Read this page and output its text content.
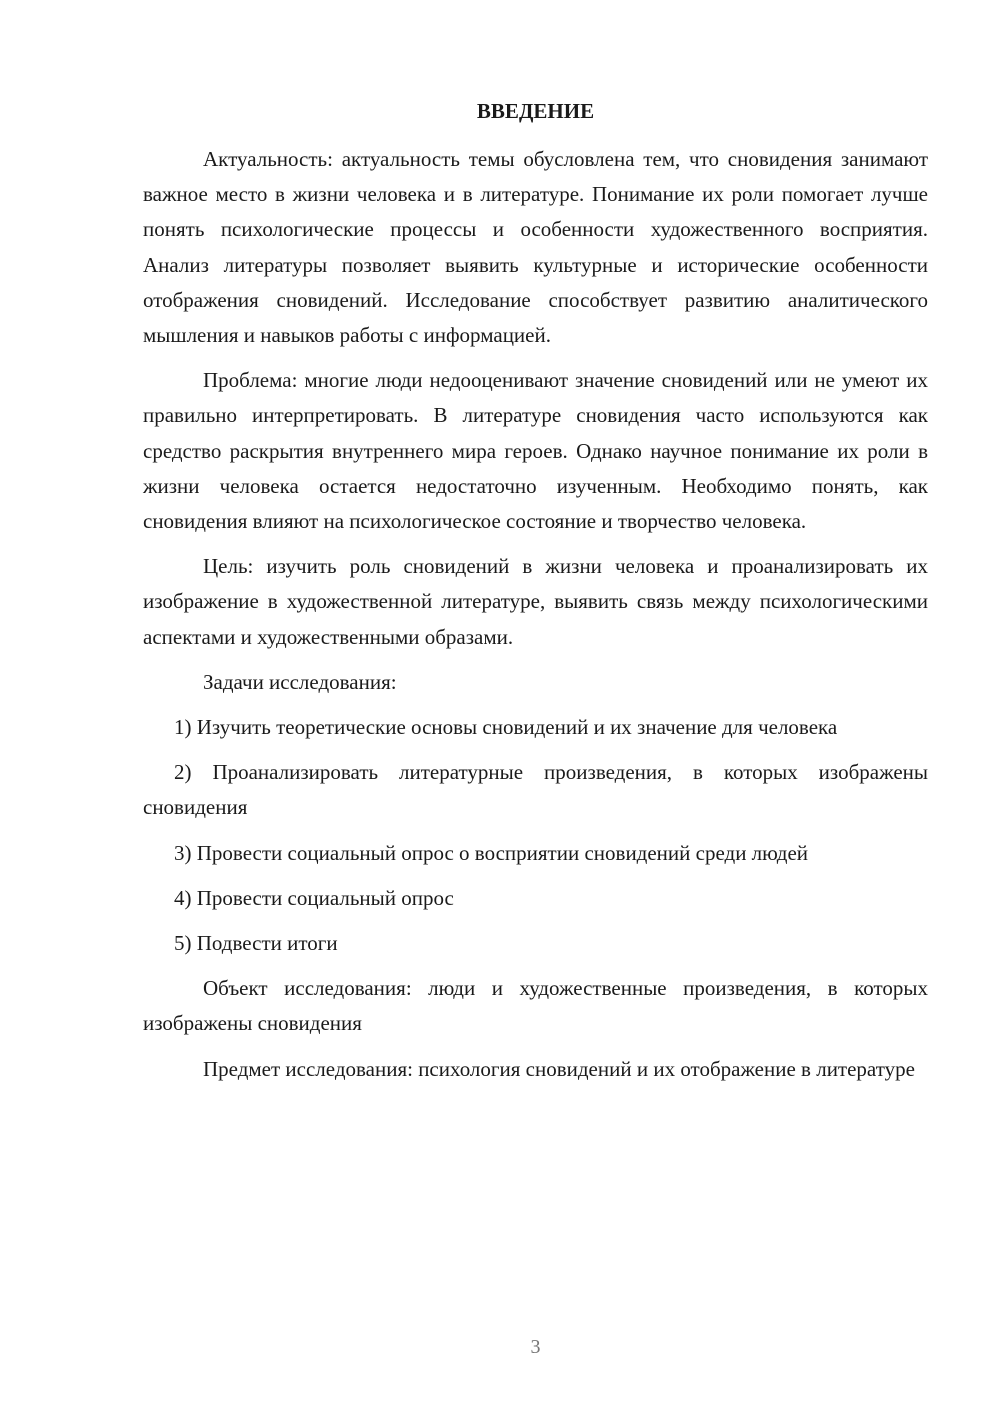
ВВЕДЕНИЕ

Актуальность: актуальность темы обусловлена тем, что сновидения занимают важное место в жизни человека и в литературе. Понимание их роли помогает лучше понять психологические процессы и особенности художественного восприятия. Анализ литературы позволяет выявить культурные и исторические особенности отображения сновидений. Исследование способствует развитию аналитического мышления и навыков работы с информацией.

Проблема: многие люди недооценивают значение сновидений или не умеют их правильно интерпретировать. В литературе сновидения часто используются как средство раскрытия внутреннего мира героев. Однако научное понимание их роли в жизни человека остается недостаточно изученным. Необходимо понять, как сновидения влияют на психологическое состояние и творчество человека.

Цель: изучить роль сновидений в жизни человека и проанализировать их изображение в художественной литературе, выявить связь между психологическими аспектами и художественными образами.

Задачи исследования:

1) Изучить теоретические основы сновидений и их значение для человека

2) Проанализировать литературные произведения, в которых изображены сновидения

3) Провести социальный опрос о восприятии сновидений среди людей

4) Провести социальный опрос

5) Подвести итоги

Объект исследования: люди и художественные произведения, в которых изображены сновидения

Предмет исследования: психология сновидений и их отображение в литературе

3
